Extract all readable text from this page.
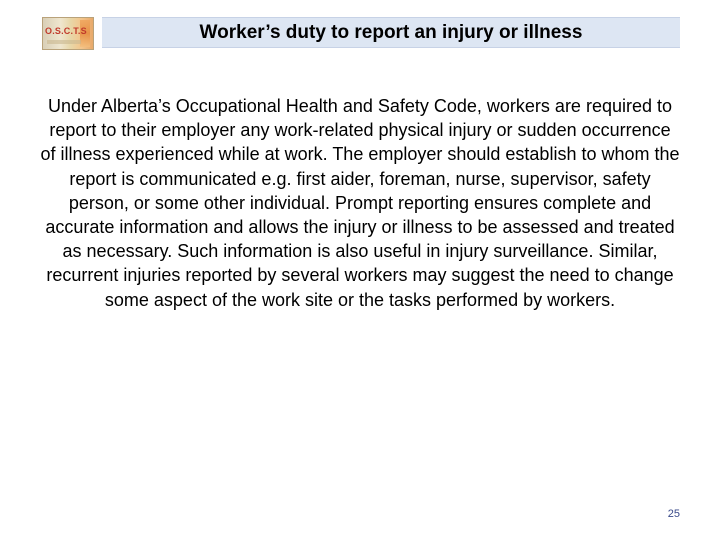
O.S.C.T.S	Worker’s duty to report an injury or illness

Under Alberta’s Occupational Health and Safety Code, workers are required to report to their employer any work-related physical injury or sudden occurrence of illness experienced while at work. The employer should establish to whom the report is communicated e.g. first aider, foreman, nurse, supervisor, safety person, or some other individual. Prompt reporting ensures complete and accurate information and allows the injury or illness to be assessed and treated as necessary. Such information is also useful in injury surveillance. Similar, recurrent injuries reported by several workers may suggest the need to change some aspect of the work site or the tasks performed by workers.

25
